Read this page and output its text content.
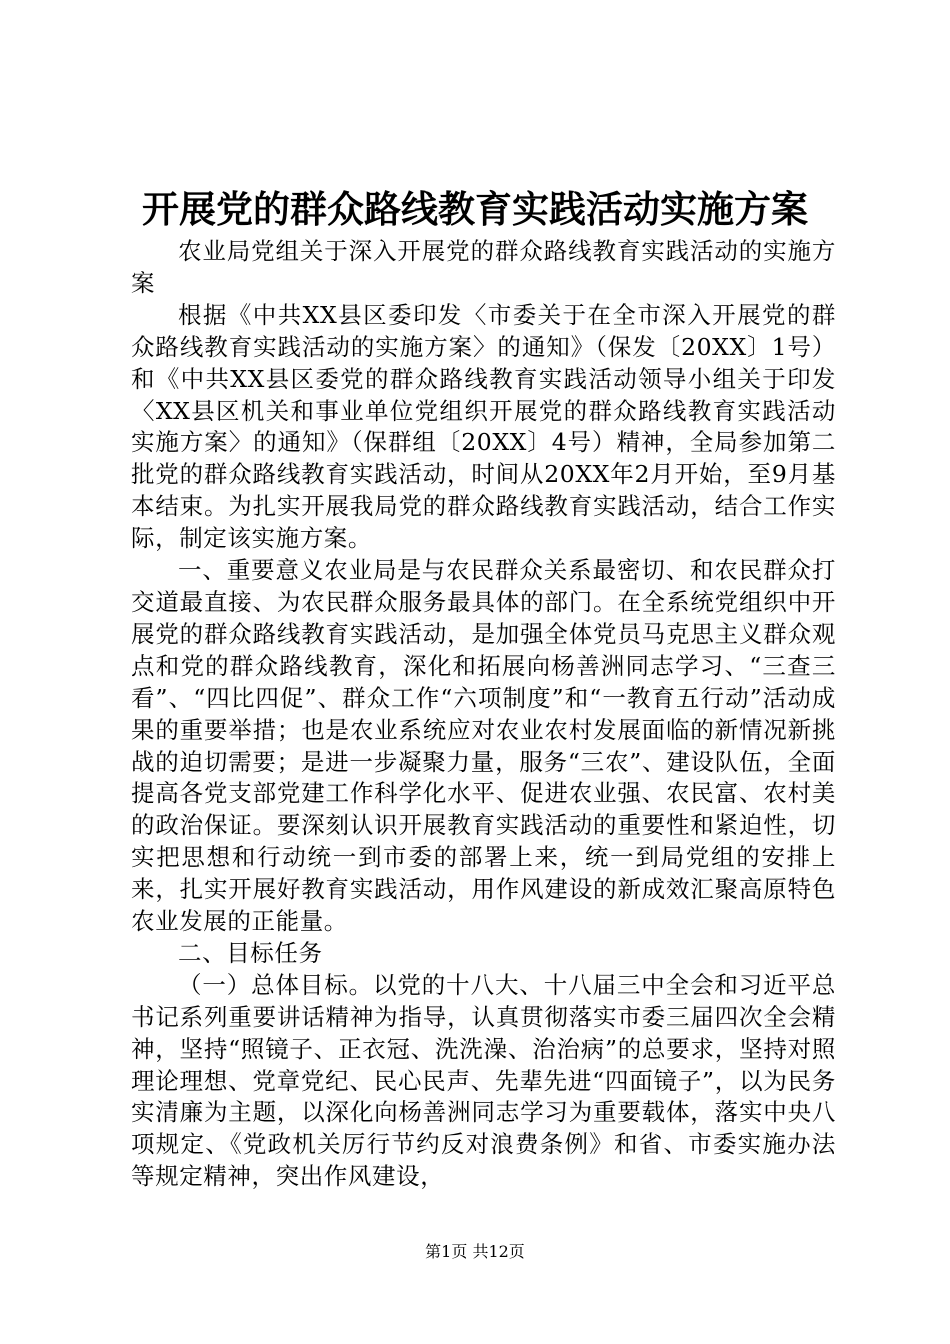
开展党的群众路线教育实践活动实施方案

农业局党组关于深入开展党的群众路线教育实践活动的实施方案

根据《中共XX县区委印发〈市委关于在全市深入开展党的群众路线教育实践活动的实施方案〉的通知》（保发〔20XX〕1号）和《中共XX县区委党的群众路线教育实践活动领导小组关于印发〈XX县区机关和事业单位党组织开展党的群众路线教育实践活动实施方案〉的通知》（保群组〔20XX〕4号）精神，全局参加第二批党的群众路线教育实践活动，时间从20XX年2月开始，至9月基本结束。为扎实开展我局党的群众路线教育实践活动，结合工作实际，制定该实施方案。

一、重要意义农业局是与农民群众关系最密切、和农民群众打交道最直接、为农民群众服务最具体的部门。在全系统党组织中开展党的群众路线教育实践活动，是加强全体党员马克思主义群众观点和党的群众路线教育，深化和拓展向杨善洲同志学习、“三查三看”、“四比四促”、群众工作“六项制度”和“一教育五行动”活动成果的重要举措；也是农业系统应对农业农村发展面临的新情况新挑战的迫切需要；是进一步凝聚力量，服务“三农”、建设队伍，全面提高各党支部党建工作科学化水平、促进农业强、农民富、农村美的政治保证。要深刻认识开展教育实践活动的重要性和紧迫性，切实把思想和行动统一到市委的部署上来，统一到局党组的安排上来，扎实开展好教育实践活动，用作风建设的新成效汇聚高原特色农业发展的正能量。

二、目标任务

（一）总体目标。以党的十八大、十八届三中全会和习近平总书记系列重要讲话精神为指导，认真贯彻落实市委三届四次全会精神，坚持“照镜子、正衣冠、洗洗澡、治治病”的总要求，坚持对照理论理想、党章党纪、民心民声、先辈先进“四面镜子”，以为民务实清廉为主题，以深化向杨善洲同志学习为重要载体，落实中央八项规定、《党政机关厉行节约反对浪费条例》和省、市委实施办法等规定精神，突出作风建设，

第1页 共12页
